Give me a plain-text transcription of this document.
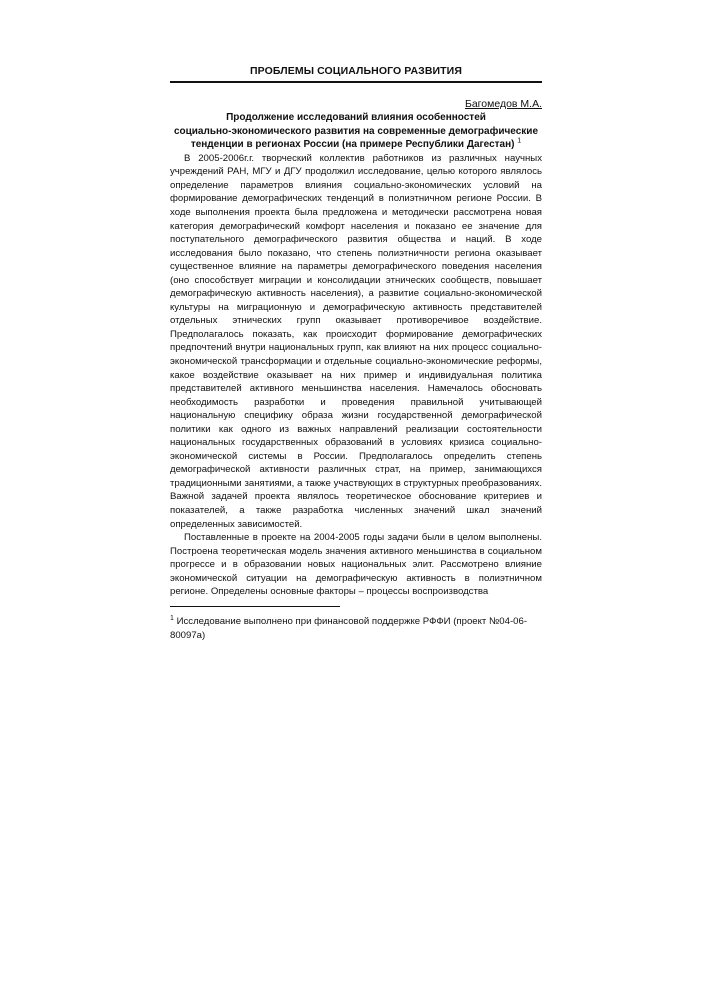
ПРОБЛЕМЫ СОЦИАЛЬНОГО РАЗВИТИЯ
Багомедов М.А.
Продолжение исследований влияния особенностей
социально-экономического развития на современные демографические
тенденции в регионах России (на примере Республики Дагестан) $^1$

В 2005-2006г.г. творческий коллектив работников из различных научных учреждений РАН, МГУ и ДГУ продолжил исследование, целью которого являлось определение параметров влияния социально-экономических условий на формирование демографических тенденций в полиэтничном регионе России. В ходе выполнения проекта была предложена и методически рассмотрена новая категория демографический комфорт населения и показано ее значение для поступательного демографического развития общества и наций. В ходе исследования было показано, что степень полиэтничности региона оказывает существенное влияние на параметры демографического поведения населения (оно способствует миграции и консолидации этнических сообществ, повышает демографическую активность населения), а развитие социально-экономической культуры на миграционную и демографическую активность представителей отдельных этнических групп оказывает противоречивое воздействие. Предполагалось показать, как происходит формирование демографических предпочтений внутри национальных групп, как влияют на них процесс социально-экономической трансформации и отдельные социально-экономические реформы, какое воздействие оказывает на них пример и индивидуальная политика представителей активного меньшинства населения. Намечалось обосновать необходимость разработки и проведения правильной учитывающей национальную специфику образа жизни государственной демографической политики как одного из важных направлений реализации состоятельности национальных государственных образований в условиях кризиса социально-экономической системы в России. Предполагалось определить степень демографической активности различных страт, на пример, занимающихся традиционными занятиями, а также участвующих в структурных преобразованиях. Важной задачей проекта являлось теоретическое обоснование критериев и показателей, а также разработка численных значений шкал значений определенных зависимостей.

Поставленные в проекте на 2004-2005 годы задачи были в целом выполнены. Построена теоретическая модель значения активного меньшинства в социальном прогрессе и в образовании новых национальных элит. Рассмотрено влияние экономической ситуации на демографическую активность в полиэтничном регионе. Определены основные факторы – процессы воспроизводства

$^1$ Исследование выполнено при финансовой поддержке РФФИ (проект №04-06-80097а)
